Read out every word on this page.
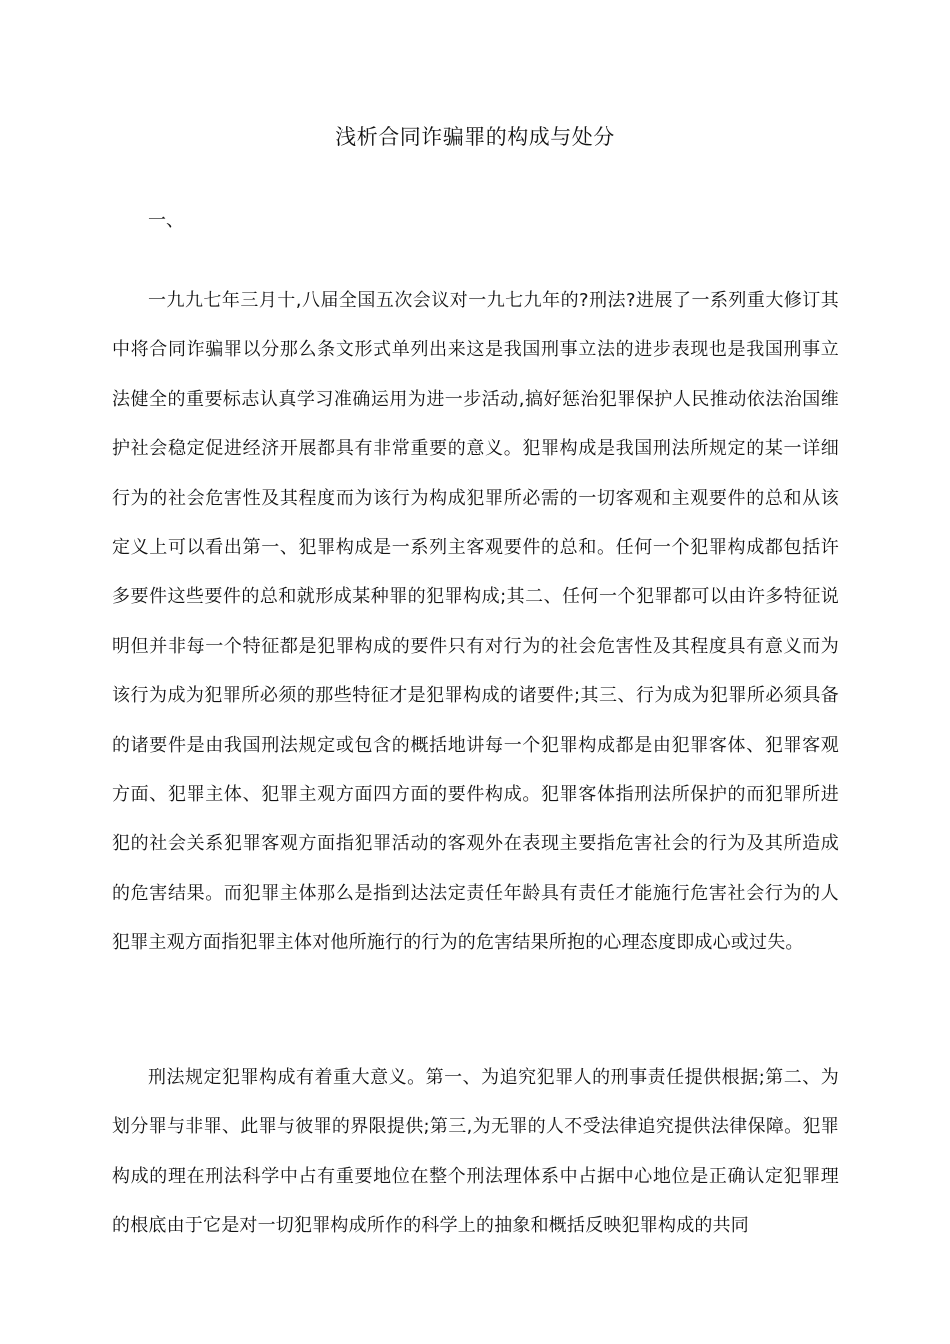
浅析合同诈骗罪的构成与处分

一、

一九九七年三月十,八届全国五次会议对一九七九年的?刑法?进展了一系列重大修订其中将合同诈骗罪以分那么条文形式单列出来这是我国刑事立法的进步表现也是我国刑事立法健全的重要标志认真学习准确运用为进一步活动,搞好惩治犯罪保护人民推动依法治国维护社会稳定促进经济开展都具有非常重要的意义。犯罪构成是我国刑法所规定的某一详细行为的社会危害性及其程度而为该行为构成犯罪所必需的一切客观和主观要件的总和从该定义上可以看出第一、犯罪构成是一系列主客观要件的总和。任何一个犯罪构成都包括许多要件这些要件的总和就形成某种罪的犯罪构成;其二、任何一个犯罪都可以由许多特征说明但并非每一个特征都是犯罪构成的要件只有对行为的社会危害性及其程度具有意义而为该行为成为犯罪所必须的那些特征才是犯罪构成的诸要件;其三、行为成为犯罪所必须具备的诸要件是由我国刑法规定或包含的概括地讲每一个犯罪构成都是由犯罪客体、犯罪客观方面、犯罪主体、犯罪主观方面四方面的要件构成。犯罪客体指刑法所保护的而犯罪所进犯的社会关系犯罪客观方面指犯罪活动的客观外在表现主要指危害社会的行为及其所造成的危害结果。而犯罪主体那么是指到达法定责任年龄具有责任才能施行危害社会行为的人犯罪主观方面指犯罪主体对他所施行的行为的危害结果所抱的心理态度即成心或过失。

刑法规定犯罪构成有着重大意义。第一、为追究犯罪人的刑事责任提供根据;第二、为划分罪与非罪、此罪与彼罪的界限提供;第三,为无罪的人不受法律追究提供法律保障。犯罪构成的理在刑法科学中占有重要地位在整个刑法理体系中占据中心地位是正确认定犯罪理的根底由于它是对一切犯罪构成所作的科学上的抽象和概括反映犯罪构成的共同
